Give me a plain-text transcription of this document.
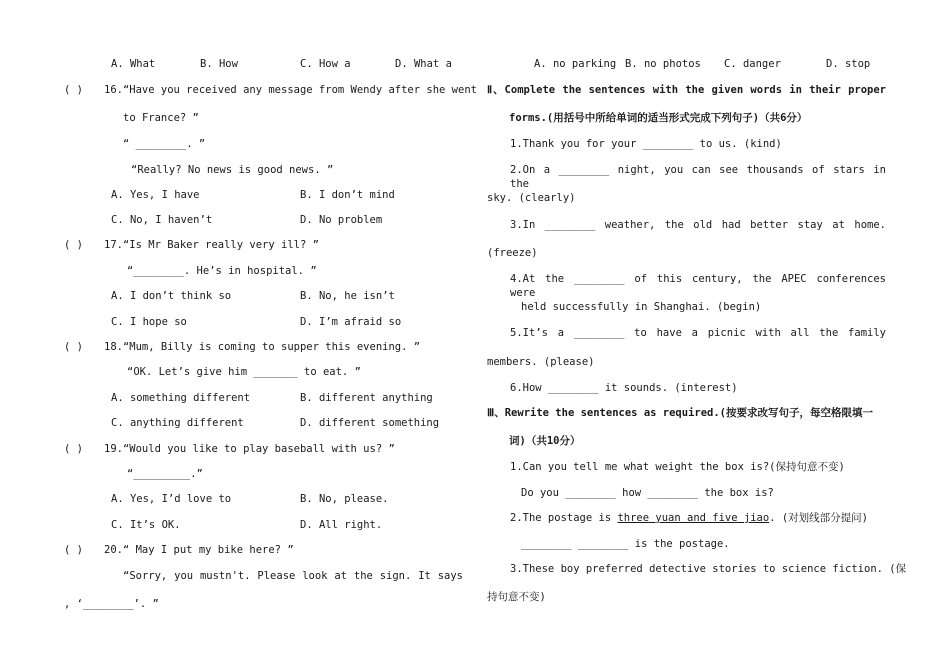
A. What	B. How	C. How a	D. What a
( ) 16.“Have you received any message from Wendy after she went
to France? ”
“ ________. ”
“Really? No news is good news. ”
A. Yes, I have	B. I don’t mind
C. No, I haven’t	D. No problem
( ) 17.“Is Mr Baker really very ill? ”
“________. He’s in hospital. ”
A. I don’t think so	B. No, he isn’t
C. I hope so	D. I’m afraid so
( ) 18.“Mum, Billy is coming to supper this evening. ”
“OK. Let’s give him _______ to eat. ”
A. something different	B. different anything
C. anything different	D. different something
( ) 19.“Would you like to play baseball with us? ”
“_________.”
A. Yes, I’d love to	B. No, please.
C. It’s OK.	D. All right.
( ) 20.“ May I put my bike here? ”
“Sorry, you mustn't. Please look at the sign. It says
, ‘________’. ”
A. no parking B. no photos C. danger	D. stop
Ⅱ、Complete the sentences with the given words in their proper
forms.(用括号中所给单词的适当形式完成下列句子)（共6分）
1.Thank you for your ________ to us. (kind)
2.On a ________ night, you can see thousands of stars in the
sky. (clearly)
3.In ________ weather, the old had better stay at home.
(freeze)
4.At the ________ of this century, the APEC conferences were
held successfully in Shanghai. (begin)
5.It’s a ________ to have a picnic with all the family
members. (please)
6.How ________ it sounds. (interest)
Ⅲ、Rewrite the sentences as required.(按要求改写句子，每空格限填一
词)（共10分）
1.Can you tell me what weight the box is?(保持句意不变)
Do you ________ how ________ the box is?
2.The postage is three yuan and five jiao. (对划线部分提问)
________ ________ is the postage.
3.These boy preferred detective stories to science fiction. (保
持句意不变)
